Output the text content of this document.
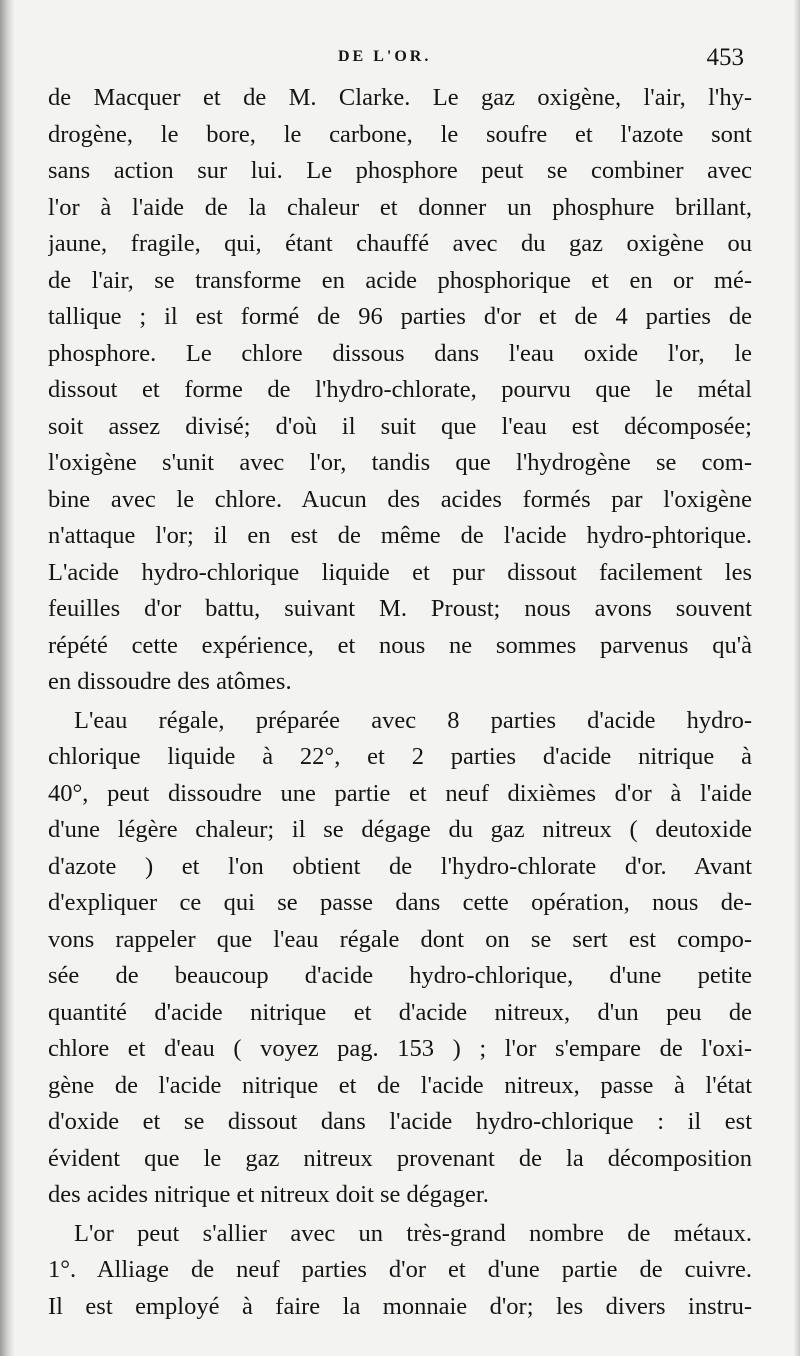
DE L'OR.	453
de Macquer et de M. Clarke. Le gaz oxigène, l'air, l'hy-
drogène, le bore, le carbone, le soufre et l'azote sont
sans action sur lui. Le phosphore peut se combiner avec
l'or à l'aide de la chaleur et donner un phosphure brillant,
jaune, fragile, qui, étant chauffé avec du gaz oxigène ou
de l'air, se transforme en acide phosphorique et en or mé-
tallique ; il est formé de 96 parties d'or et de 4 parties de
phosphore. Le chlore dissous dans l'eau oxide l'or, le
dissout et forme de l'hydro-chlorate, pourvu que le métal
soit assez divisé; d'où il suit que l'eau est décomposée;
l'oxigène s'unit avec l'or, tandis que l'hydrogène se com-
bine avec le chlore. Aucun des acides formés par l'oxigène
n'attaque l'or; il en est de même de l'acide hydro-phtorique.
L'acide hydro-chlorique liquide et pur dissout facilement les
feuilles d'or battu, suivant M. Proust; nous avons souvent
répété cette expérience, et nous ne sommes parvenus qu'à
en dissoudre des atômes.
L'eau régale, préparée avec 8 parties d'acide hydro-
chlorique liquide à 22°, et 2 parties d'acide nitrique à
40°, peut dissoudre une partie et neuf dixièmes d'or à l'aide
d'une légère chaleur; il se dégage du gaz nitreux ( deutoxide
d'azote ) et l'on obtient de l'hydro-chlorate d'or. Avant
d'expliquer ce qui se passe dans cette opération, nous de-
vons rappeler que l'eau régale dont on se sert est compo-
sée de beaucoup d'acide hydro-chlorique, d'une petite
quantité d'acide nitrique et d'acide nitreux, d'un peu de
chlore et d'eau ( voyez pag. 153 ) ; l'or s'empare de l'oxi-
gène de l'acide nitrique et de l'acide nitreux, passe à l'état
d'oxide et se dissout dans l'acide hydro-chlorique : il est
évident que le gaz nitreux provenant de la décomposition
des acides nitrique et nitreux doit se dégager.
L'or peut s'allier avec un très-grand nombre de métaux.
1°. Alliage de neuf parties d'or et d'une partie de cuivre.
Il est employé à faire la monnaie d'or; les divers instru-
